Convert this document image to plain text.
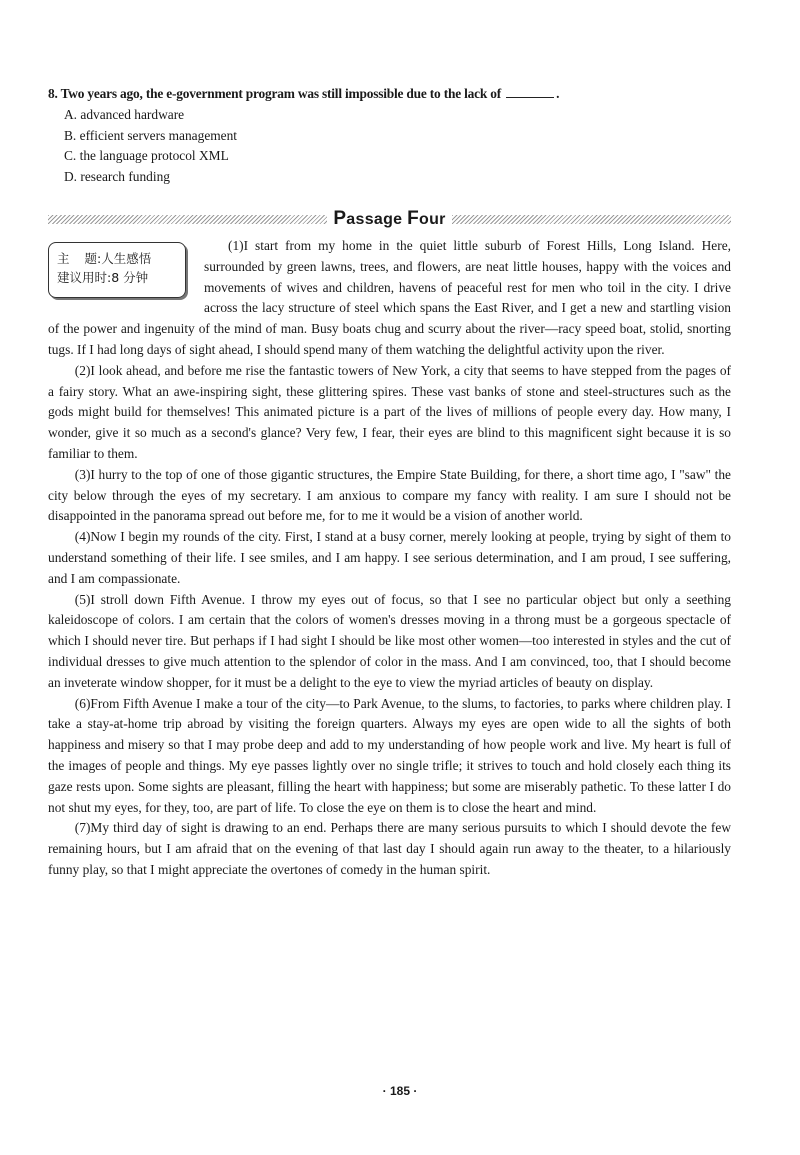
8. Two years ago, the e-government program was still impossible due to the lack of	.
A. advanced hardware
B. efficient servers management
C. the language protocol XML
D. research funding
Passage Four
主题:人生感悟
建议用时:8 分钟

(1)I start from my home in the quiet little suburb of Forest Hills, Long Island. Here, surrounded by green lawns, trees, and flowers, are neat little houses, happy with the voices and movements of wives and children, havens of peaceful rest for men who toil in the city. I drive across the lacy structure of steel which spans the East River, and I get a new and startling vision of the power and ingenuity of the mind of man. Busy boats chug and scurry about the river—racy speed boat, stolid, snorting tugs. If I had long days of sight ahead, I should spend many of them watching the delightful activity upon the river.

(2)I look ahead, and before me rise the fantastic towers of New York, a city that seems to have stepped from the pages of a fairy story. What an awe-inspiring sight, these glittering spires. These vast banks of stone and steel-structures such as the gods might build for themselves! This animated picture is a part of the lives of millions of people every day. How many, I wonder, give it so much as a second's glance? Very few, I fear, their eyes are blind to this magnificent sight because it is so familiar to them.

(3)I hurry to the top of one of those gigantic structures, the Empire State Building, for there, a short time ago, I "saw" the city below through the eyes of my secretary. I am anxious to compare my fancy with reality. I am sure I should not be disappointed in the panorama spread out before me, for to me it would be a vision of another world.

(4)Now I begin my rounds of the city. First, I stand at a busy corner, merely looking at people, trying by sight of them to understand something of their life. I see smiles, and I am happy. I see serious determination, and I am proud, I see suffering, and I am compassionate.

(5)I stroll down Fifth Avenue. I throw my eyes out of focus, so that I see no particular object but only a seething kaleidoscope of colors. I am certain that the colors of women's dresses moving in a throng must be a gorgeous spectacle of which I should never tire. But perhaps if I had sight I should be like most other women—too interested in styles and the cut of individual dresses to give much attention to the splendor of color in the mass. And I am convinced, too, that I should become an inveterate window shopper, for it must be a delight to the eye to view the myriad articles of beauty on display.

(6)From Fifth Avenue I make a tour of the city—to Park Avenue, to the slums, to factories, to parks where children play. I take a stay-at-home trip abroad by visiting the foreign quarters. Always my eyes are open wide to all the sights of both happiness and misery so that I may probe deep and add to my understanding of how people work and live. My heart is full of the images of people and things. My eye passes lightly over no single trifle; it strives to touch and hold closely each thing its gaze rests upon. Some sights are pleasant, filling the heart with happiness; but some are miserably pathetic. To these latter I do not shut my eyes, for they, too, are part of life. To close the eye on them is to close the heart and mind.

(7)My third day of sight is drawing to an end. Perhaps there are many serious pursuits to which I should devote the few remaining hours, but I am afraid that on the evening of that last day I should again run away to the theater, to a hilariously funny play, so that I might appreciate the overtones of comedy in the human spirit.

· 185 ·
